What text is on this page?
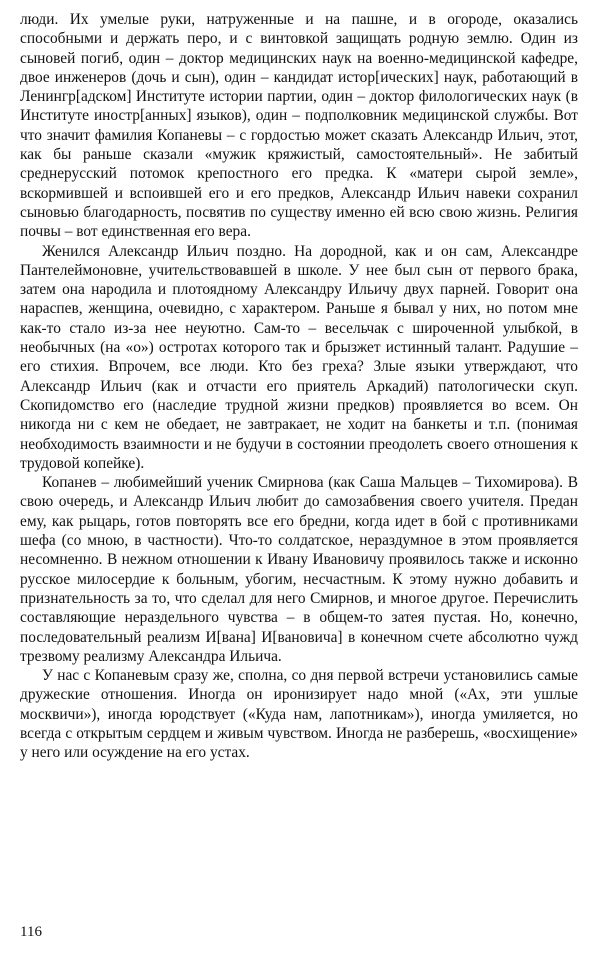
люди. Их умелые руки, натруженные и на пашне, и в огороде, оказались способными и держать перо, и с винтовкой защищать родную землю. Один из сыновей погиб, один – доктор медицинских наук на военно-медицинской кафедре, двое инженеров (дочь и сын), один – кандидат истор[ических] наук, работающий в Ленингр[адском] Институте истории партии, один – доктор филологических наук (в Институте иностр[анных] языков), один – подполковник медицинской службы. Вот что значит фамилия Копаневы – с гордостью может сказать Александр Ильич, этот, как бы раньше сказали «мужик кряжистый, самостоятельный». Не забитый среднерусский потомок крепостного его предка. К «матери сырой земле», вскормившей и вспоившей его и его предков, Александр Ильич навеки сохранил сыновью благодарность, посвятив по существу именно ей всю свою жизнь. Религия почвы – вот единственная его вера.

Женился Александр Ильич поздно. На дородной, как и он сам, Александре Пантелеймоновне, учительствовавшей в школе. У нее был сын от первого брака, затем она народила и плотоядному Александру Ильичу двух парней. Говорит она нараспев, женщина, очевидно, с характером. Раньше я бывал у них, но потом мне как-то стало из-за нее неуютно. Сам-то – весельчак с широченной улыбкой, в необычных (на «о») остротах которого так и брызжет истинный талант. Радушие – его стихия. Впрочем, все люди. Кто без греха? Злые языки утверждают, что Александр Ильич (как и отчасти его приятель Аркадий) патологически скуп. Скопидомство его (наследие трудной жизни предков) проявляется во всем. Он никогда ни с кем не обедает, не завтракает, не ходит на банкеты и т.п. (понимая необходимость взаимности и не будучи в состоянии преодолеть своего отношения к трудовой копейке).

Копанев – любимейший ученик Смирнова (как Саша Мальцев – Тихомирова). В свою очередь, и Александр Ильич любит до самозабвения своего учителя. Предан ему, как рыцарь, готов повторять все его бредни, когда идет в бой с противниками шефа (со мною, в частности). Что-то солдатское, нераздумное в этом проявляется несомненно. В нежном отношении к Ивану Ивановичу проявилось также и исконно русское милосердие к больным, убогим, несчастным. К этому нужно добавить и признательность за то, что сделал для него Смирнов, и многое другое. Перечислить составляющие нераздельного чувства – в общем-то затея пустая. Но, конечно, последовательный реализм И[вана] И[вановича] в конечном счете абсолютно чужд трезвому реализму Александра Ильича.

У нас с Копаневым сразу же, сполна, со дня первой встречи установились самые дружеские отношения. Иногда он иронизирует надо мной («Ах, эти ушлые москвичи»), иногда юродствует («Куда нам, лапотникам»), иногда умиляется, но всегда с открытым сердцем и живым чувством. Иногда не разберешь, «восхищение» у него или осуждение на его устах.

116
